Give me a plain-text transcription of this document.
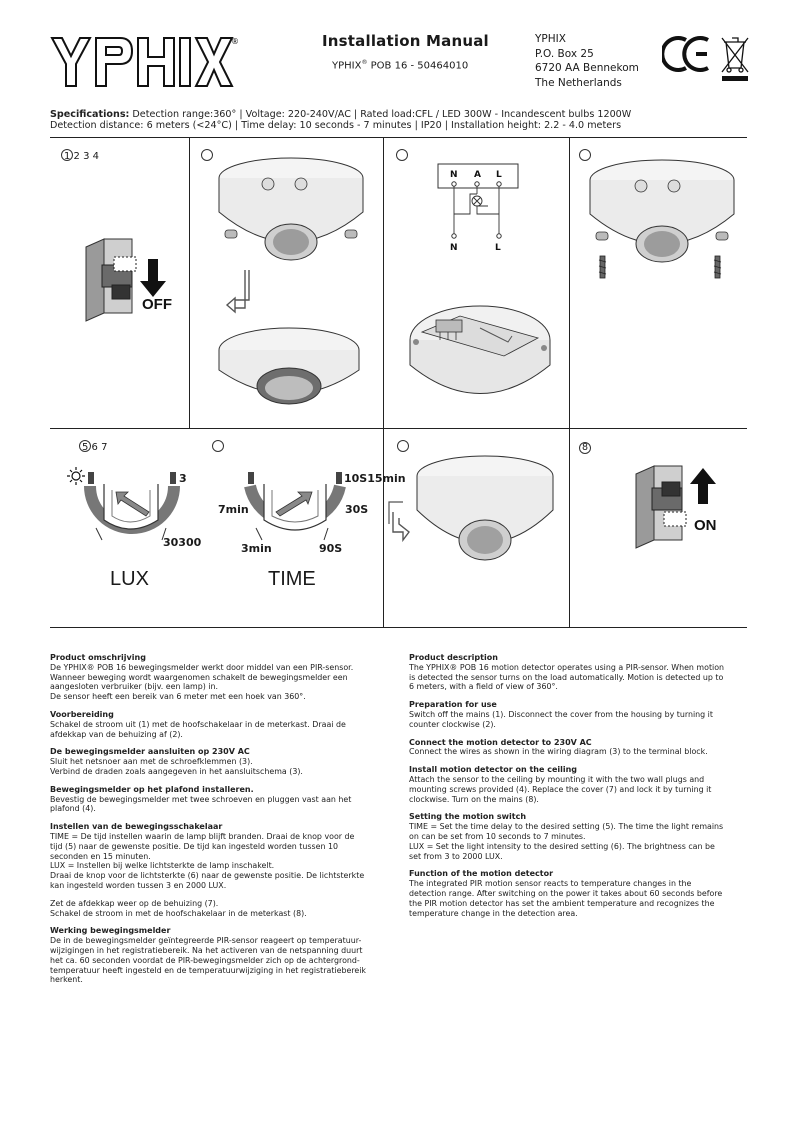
®
YPHIX	Installation Manual
YPHIX® POB 16 - 50464010
YPHIX
P.O. Box 25
6720 AA Bennekom
The Netherlands
Specifications: Detection range:360° | Voltage: 220-240V/AC | Rated load:CFL / LED 300W - Incandescent bulbs 1200W
Detection distance: 6 meters (<24°C) | Time delay: 10 seconds - 7 minutes | IP20 | Installation height: 2.2 - 4.0 meters
1 2 3 4
OFF
N A L
N	L
5 6 7
3
30300
LUX
10S15min
7min	30S
3min	90S
TIME
8
ON
Product omschrijving

De YPHIX® POB 16 bewegingsmelder werkt door middel van een PIR-sensor.

Wanneer beweging wordt waargenomen schakelt de bewegingsmelder een

aangesloten verbruiker (bijv. een lamp) in.

De sensor heeft een bereik van 6 meter met een hoek van 360°.

Voorbereiding

Schakel de stroom uit (1) met de hoofschakelaar in de meterkast. Draai de

afdekkap van de behuizing af (2).

De bewegingsmelder aansluiten op 230V AC

Sluit het netsnoer aan met de schroefklemmen (3).

Verbind de draden zoals aangegeven in het aansluitschema (3).

Bewegingsmelder op het plafond installeren.

Bevestig de bewegingsmelder met twee schroeven en pluggen vast aan het

plafond (4).

Instellen van de bewegingsschakelaar

TIME = De tijd instellen waarin de lamp blijft branden. Draai de knop voor de

tijd (5) naar de gewenste positie. De tijd kan ingesteld worden tussen 10

seconden en 15 minuten.

LUX = Instellen bij welke lichtsterkte de lamp inschakelt.

Draai de knop voor de lichtsterkte (6) naar de gewenste positie. De lichtsterkte

kan ingesteld worden tussen 3 en 2000 LUX.

Zet de afdekkap weer op de behuizing (7).

Schakel de stroom in met de hoofschakelaar in de meterkast (8).

Werking bewegingsmelder

De in de bewegingsmelder geïntegreerde PIR-sensor reageert op temperatuur-

wijzigingen in het registratiebereik. Na het activeren van de netspanning duurt

het ca. 60 seconden voordat de PIR-bewegingsmelder zich op de achtergrond-

temperatuur heeft ingesteld en de temperatuurwijziging in het registratiebereik

herkent.

Product description

The YPHIX® POB 16 motion detector operates using a PIR-sensor. When motion

is detected the sensor turns on the load automatically. Motion is detected up to

6 meters, with a field of view of 360°.

Preparation for use

Switch off the mains (1). Disconnect the cover from the housing by turning it

counter clockwise (2).

Connect the motion detector to 230V AC

Connect the wires as shown in the wiring diagram (3) to the terminal block.

Install motion detector on the ceiling

Attach the sensor to the ceiling by mounting it with the two wall plugs and

mounting screws provided (4). Replace the cover (7) and lock it by turning it

clockwise. Turn on the mains (8).

Setting the motion switch

TIME = Set the time delay to the desired setting (5). The time the light remains

on can be set from 10 seconds to 7 minutes.

LUX = Set the light intensity to the desired setting (6). The brightness can be

set from 3 to 2000 LUX.

Function of the motion detector

The integrated PIR motion sensor reacts to temperature changes in the

detection range. After switching on the power it takes about 60 seconds before

the PIR motion detector has set the ambient temperature and recognizes the

temperature change in the detection area.
